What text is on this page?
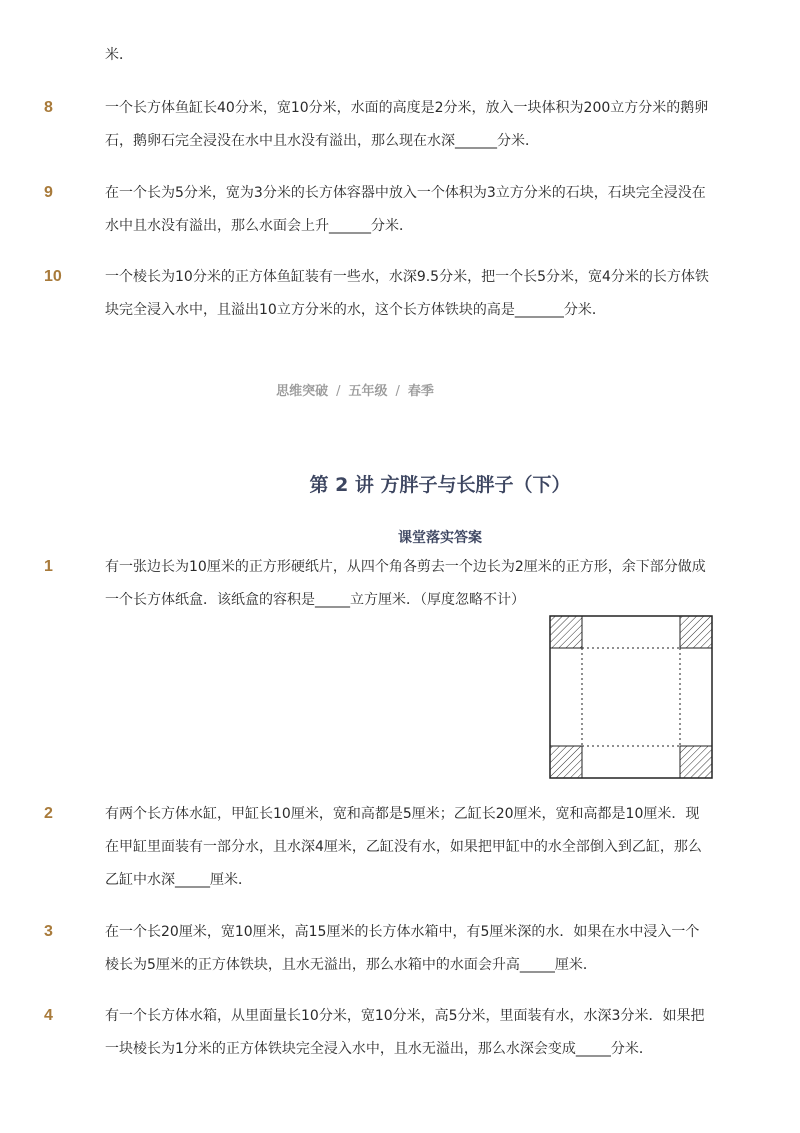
米．
8	一个长方体鱼缸长40分米，宽10分米，水面的高度是2分米，放入一块体积为200立方分米的鹅卵
石，鹅卵石完全浸没在水中且水没有溢出，那么现在水深______分米．
9	在一个长为5分米，宽为3分米的长方体容器中放入一个体积为3立方分米的石块，石块完全浸没在
水中且水没有溢出，那么水面会上升______分米．
10	一个棱长为10分米的正方体鱼缸装有一些水，水深9.5分米，把一个长5分米，宽4分米的长方体铁
块完全浸入水中，且溢出10立方分米的水，这个长方体铁块的高是_______分米．
思维突破 / 五年级 / 春季
第 2 讲 方胖子与长胖子（下）
课堂落实答案
1	有一张边长为10厘米的正方形硬纸片，从四个角各剪去一个边长为2厘米的正方形，余下部分做成
一个长方体纸盒．该纸盒的容积是_____立方厘米．（厚度忽略不计）
2	有两个长方体水缸，甲缸长10厘米，宽和高都是5厘米；乙缸长20厘米，宽和高都是10厘米．现
在甲缸里面装有一部分水，且水深4厘米，乙缸没有水，如果把甲缸中的水全部倒入到乙缸，那么
乙缸中水深_____厘米．
3	在一个长20厘米，宽10厘米，高15厘米的长方体水箱中，有5厘米深的水．如果在水中浸入一个
棱长为5厘米的正方体铁块，且水无溢出，那么水箱中的水面会升高_____厘米．
4	有一个长方体水箱，从里面量长10分米，宽10分米，高5分米，里面装有水，水深3分米．如果把
一块棱长为1分米的正方体铁块完全浸入水中，且水无溢出，那么水深会变成_____分米．
